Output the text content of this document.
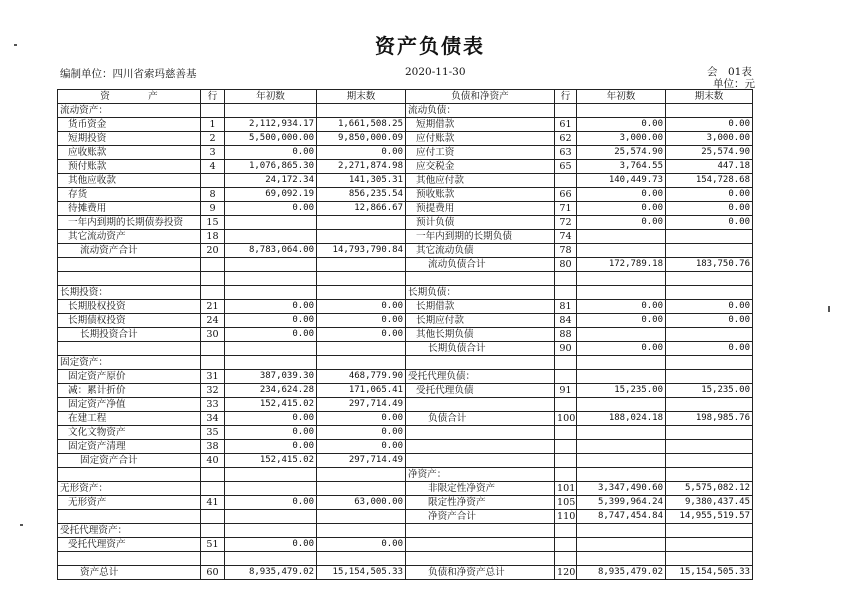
资产负债表
编制单位：四川省索玛慈善基	2020-11-30	会　01表
单位：元
资　　　　产	行	年初数	期末数	负债和净资产	行	年初数	期末数
流动资产：				流动负债：			
货币资金	1	2,112,934.17	1,661,508.25	短期借款	61	0.00	0.00
短期投资	2	5,500,000.00	9,850,000.09	应付账款	62	3,000.00	3,000.00
应收账款	3	0.00	0.00	应付工资	63	25,574.90	25,574.90
预付账款	4	1,076,865.30	2,271,874.98	应交税金	65	3,764.55	447.18
其他应收款		24,172.34	141,305.31	其他应付款		140,449.73	154,728.68
存货	8	69,092.19	856,235.54	预收账款	66	0.00	0.00
待摊费用	9	0.00	12,866.67	预提费用	71	0.00	0.00
一年内到期的长期债券投资	15			预计负债	72	0.00	0.00
其它流动资产	18			一年内到期的长期负债	74		
流动资产合计	20	8,783,064.00	14,793,790.84	其它流动负债	78		
				流动负债合计	80	172,789.18	183,750.76

长期投资：				长期负债：			
长期股权投资	21	0.00	0.00	长期借款	81	0.00	0.00
长期债权投资	24	0.00	0.00	长期应付款	84	0.00	0.00
长期投资合计	30	0.00	0.00	其他长期负债	88		
				长期负债合计	90	0.00	0.00
固定资产：							
固定资产原价	31	387,039.30	468,779.90	受托代理负债：			
减：累计折价	32	234,624.28	171,065.41	受托代理负债	91	15,235.00	15,235.00
固定资产净值	33	152,415.02	297,714.49				
在建工程	34	0.00	0.00	负债合计	100	188,024.18	198,985.76
文化文物资产	35	0.00	0.00				
固定资产清理	38	0.00	0.00				
固定资产合计	40	152,415.02	297,714.49				
				净资产：			
无形资产：				非限定性净资产	101	3,347,490.60	5,575,082.12
无形资产	41	0.00	63,000.00	限定性净资产	105	5,399,964.24	9,380,437.45
				净资产合计	110	8,747,454.84	14,955,519.57
受托代理资产：							
受托代理资产	51	0.00	0.00				

资产总计	60	8,935,479.02	15,154,505.33	负债和净资产总计	120	8,935,479.02	15,154,505.33
